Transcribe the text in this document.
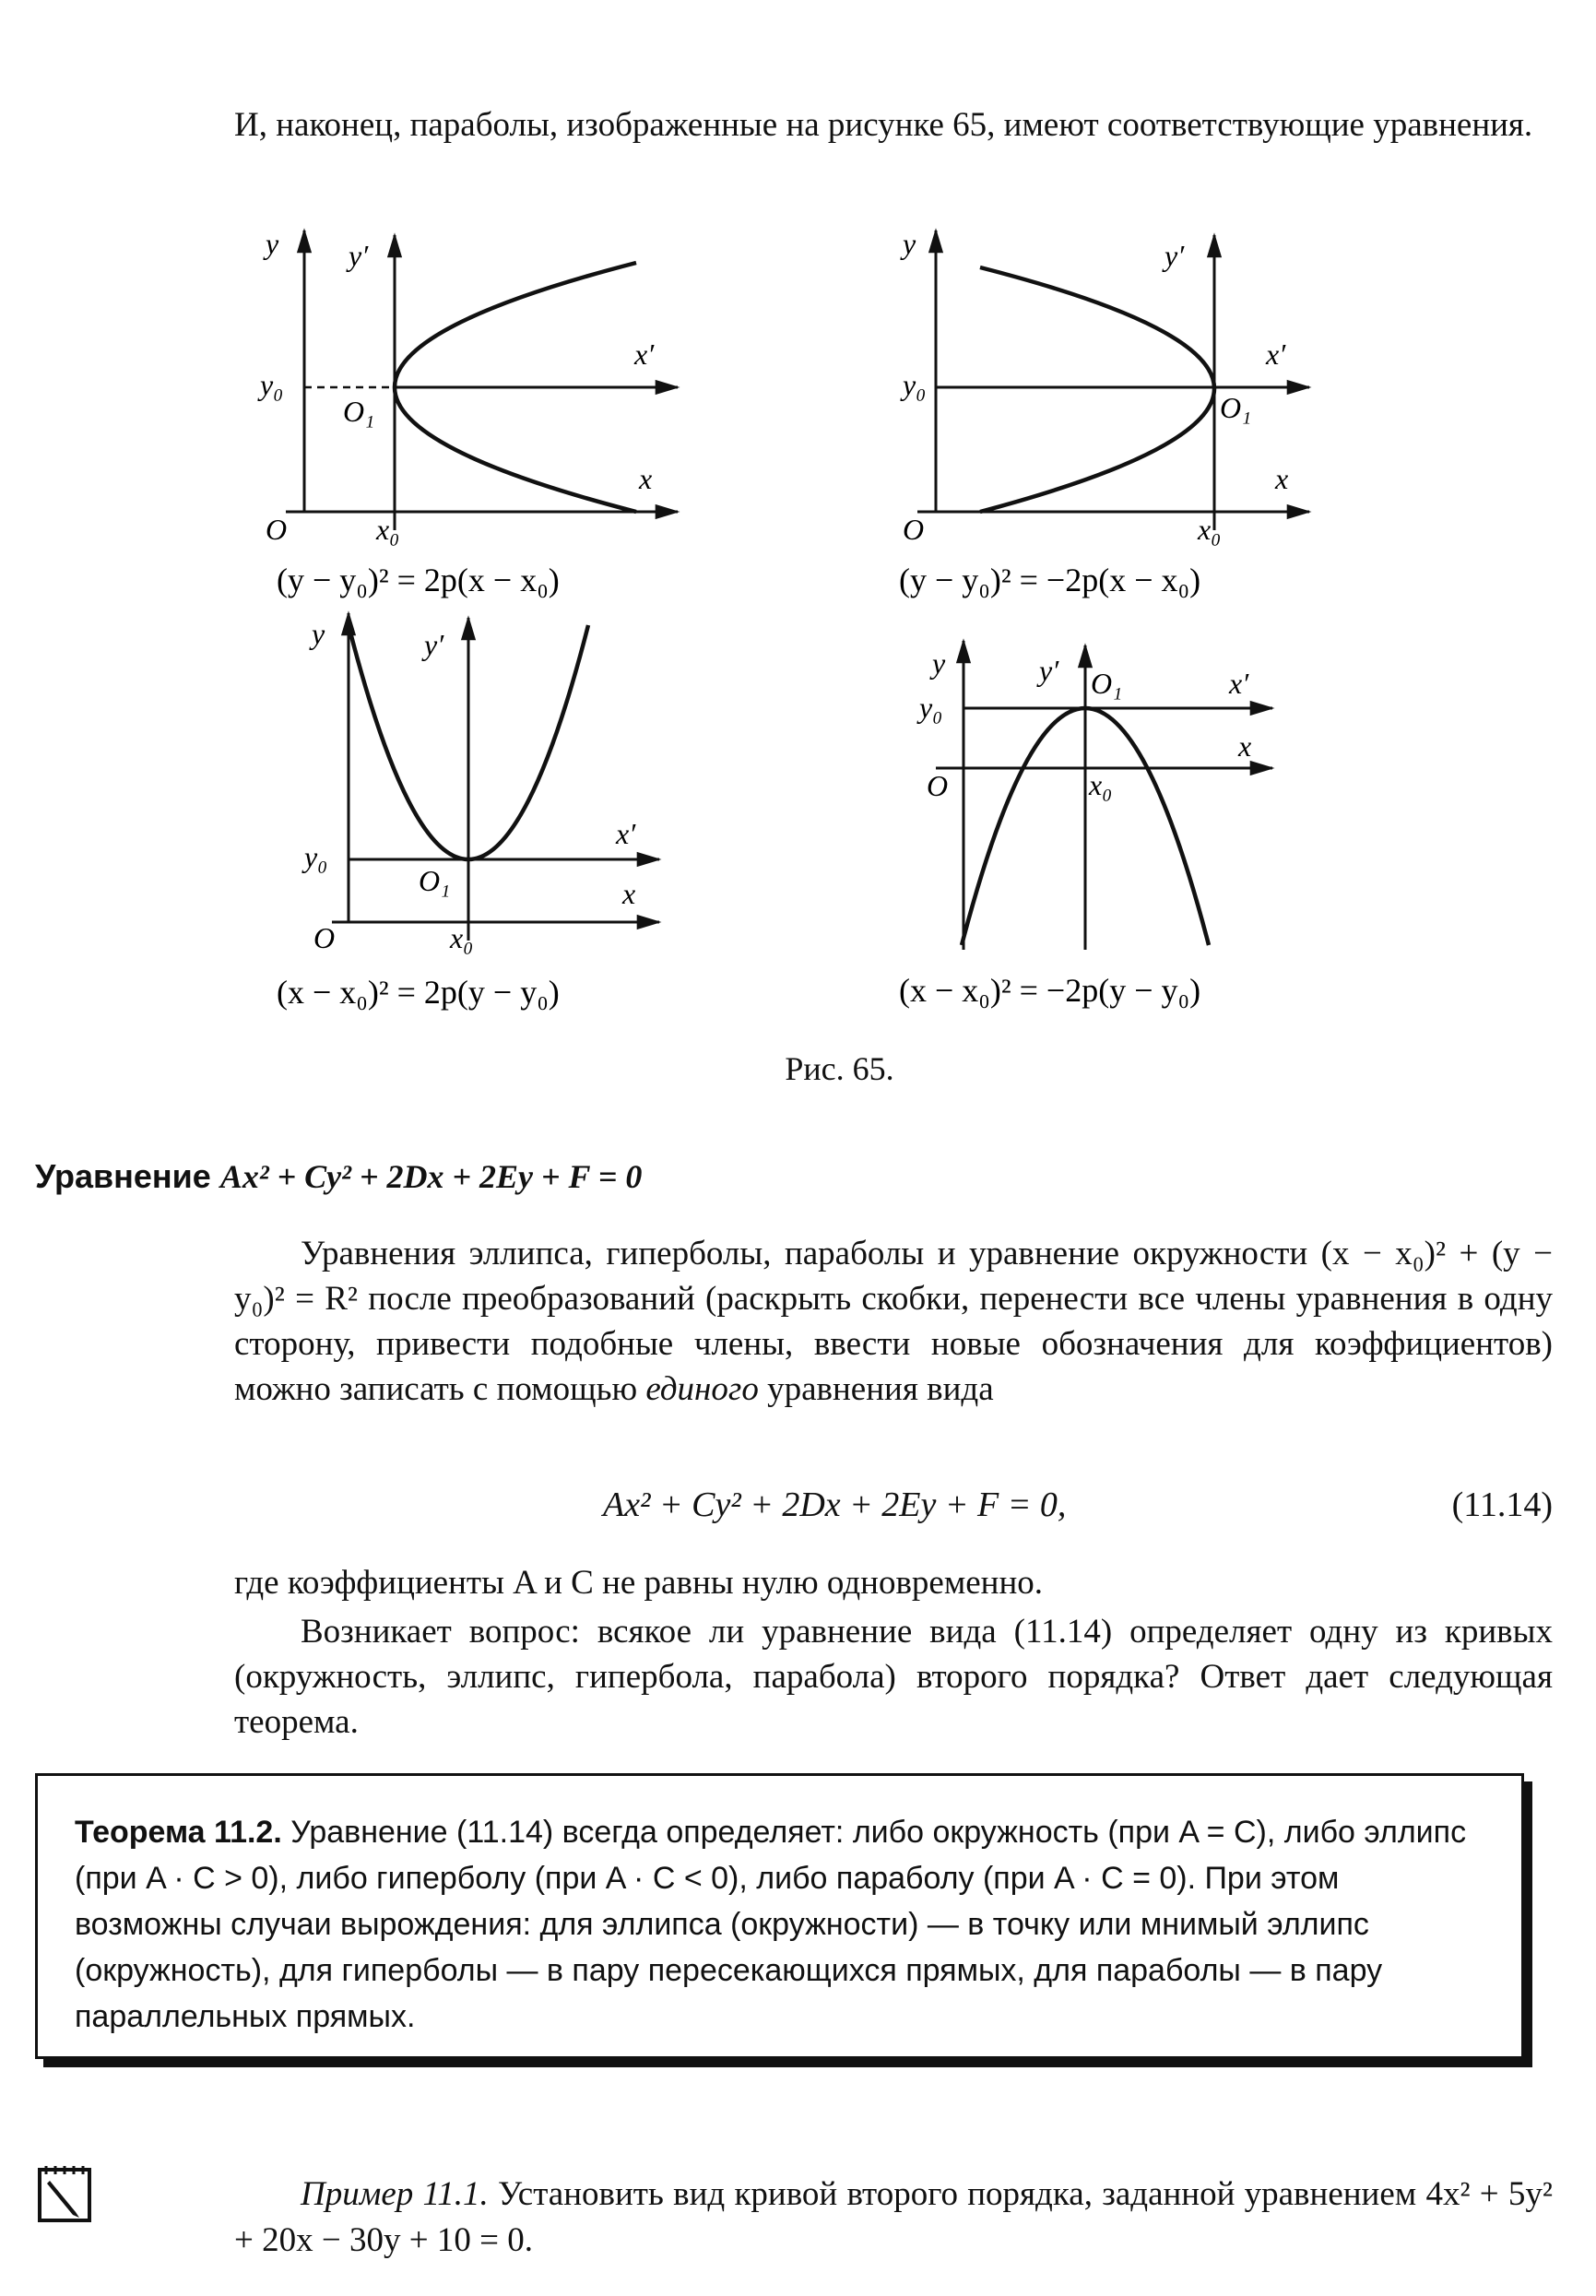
И, наконец, параболы, изображенные на рисунке 65, имеют соответствующие уравнения.

y y′
x′
x
y₀
O₁
O	x₀
(y − y₀)² = 2p(x − x₀)
y	y′
x′
x
y₀
O₁
O	x₀
(y − y₀)² = −2p(x − x₀)
y	y′
x′
x
y₀
O₁
O	x₀
(x − x₀)² = 2p(y − y₀)
y	y′ O₁	x′
x
y₀
O	x₀
(x − x₀)² = −2p(y − y₀)
Рис. 65.
Уравнение Ax² + Cy² + 2Dx + 2Ey + F = 0

Уравнения эллипса, гиперболы, параболы и уравнение окружности (x − x₀)² + (y − y₀)² = R² после преобразований (раскрыть скобки, перенести все члены уравнения в одну сторону, привести подобные члены, ввести новые обозначения для коэффициентов) можно записать с помощью единого уравнения вида

Ax² + Cy² + 2Dx + 2Ey + F = 0,	(11.14)

где коэффициенты A и C не равны нулю одновременно.

Возникает вопрос: всякое ли уравнение вида (11.14) определяет одну из кривых (окружность, эллипс, гипербола, парабола) второго порядка? Ответ дает следующая теорема.

Теорема 11.2. Уравнение (11.14) всегда определяет: либо окружность (при A = C), либо эллипс (при A · C > 0), либо гиперболу (при A · C < 0), либо параболу (при A · C = 0). При этом возможны случаи вырождения: для эллипса (окружности) — в точку или мнимый эллипс (окружность), для гиперболы — в пару пересекающихся прямых, для параболы — в пару параллельных прямых.

Пример 11.1. Установить вид кривой второго порядка, заданной уравнением 4x² + 5y² + 20x − 30y + 10 = 0.
